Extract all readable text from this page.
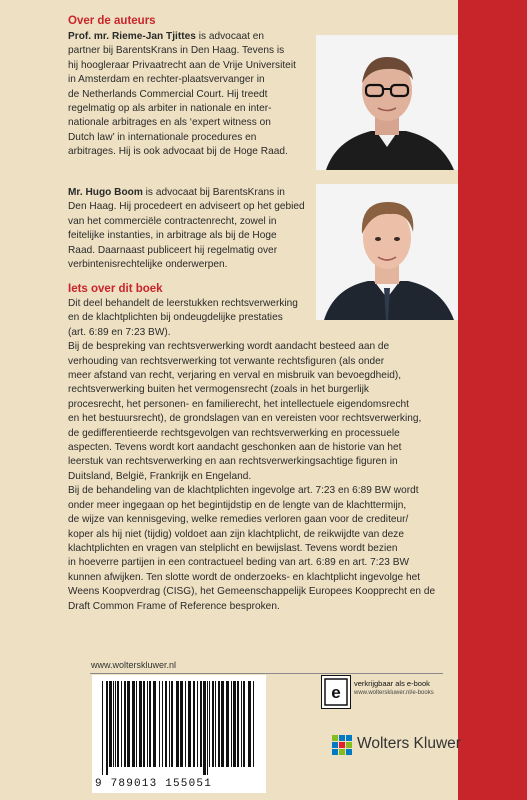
Over de auteurs
Prof. mr. Rieme-Jan Tjittes is advocaat en
partner bij BarentsKrans in Den Haag. Tevens is
hij hoogleraar Privaatrecht aan de Vrije Universiteit
in Amsterdam en rechter-plaatsvervanger in
de Netherlands Commercial Court. Hij treedt
regelmatig op als arbiter in nationale en inter-
nationale arbitrages en als ‘expert witness on
Dutch law’ in internationale procedures en
arbitrages. Hij is ook advocaat bij de Hoge Raad.
Mr. Hugo Boom is advocaat bij BarentsKrans in
Den Haag. Hij procedeert en adviseert op het gebied
van het commerciële contractenrecht, zowel in
feitelijke instanties, in arbitrage als bij de Hoge
Raad. Daarnaast publiceert hij regelmatig over
verbintenisrechtelijke onderwerpen.
Iets over dit boek
Dit deel behandelt de leerstukken rechtsverwerking
en de klachtplichten bij ondeugdelijke prestaties
(art. 6:89 en 7:23 BW).
Bij de bespreking van rechtsverwerking wordt aandacht besteed aan de
verhouding van rechtsverwerking tot verwante rechtsfiguren (als onder
meer afstand van recht, verjaring en verval en misbruik van bevoegdheid),
rechtsverwerking buiten het vermogensrecht (zoals in het burgerlijk
procesrecht, het personen- en familierecht, het intellectuele eigendomsrecht
en het bestuursrecht), de grondslagen van en vereisten voor rechtsverwerking,
de gedifferentieerde rechtsgevolgen van rechtsverwerking en processuele
aspecten. Tevens wordt kort aandacht geschonken aan de historie van het
leerstuk van rechtsverwerking en aan rechtsverwerkingsachtige figuren in
Duitsland, België, Frankrijk en Engeland.
Bij de behandeling van de klachtplichten ingevolge art. 7:23 en 6:89 BW wordt
onder meer ingegaan op het begintijdstip en de lengte van de klachttermijn,
de wijze van kennisgeving, welke remedies verloren gaan voor de crediteur/
koper als hij niet (tijdig) voldoet aan zijn klachtplicht, de reikwijdte van deze
klachtplichten en vragen van stelplicht en bewijslast. Tevens wordt bezien
in hoeverre partijen in een contractueel beding van art. 6:89 en art. 7:23 BW
kunnen afwijken. Ten slotte wordt de onderzoeks- en klachtplicht ingevolge het
Weens Koopverdrag (CISG), het Gemeenschappelijk Europees Koopprecht en de
Draft Common Frame of Reference besproken.
www.wolterskluwer.nl
9 789013 155051
e verkrijgbaar als e-book
www.wolterskluwer.nl/e-books
Wolters Kluwer
